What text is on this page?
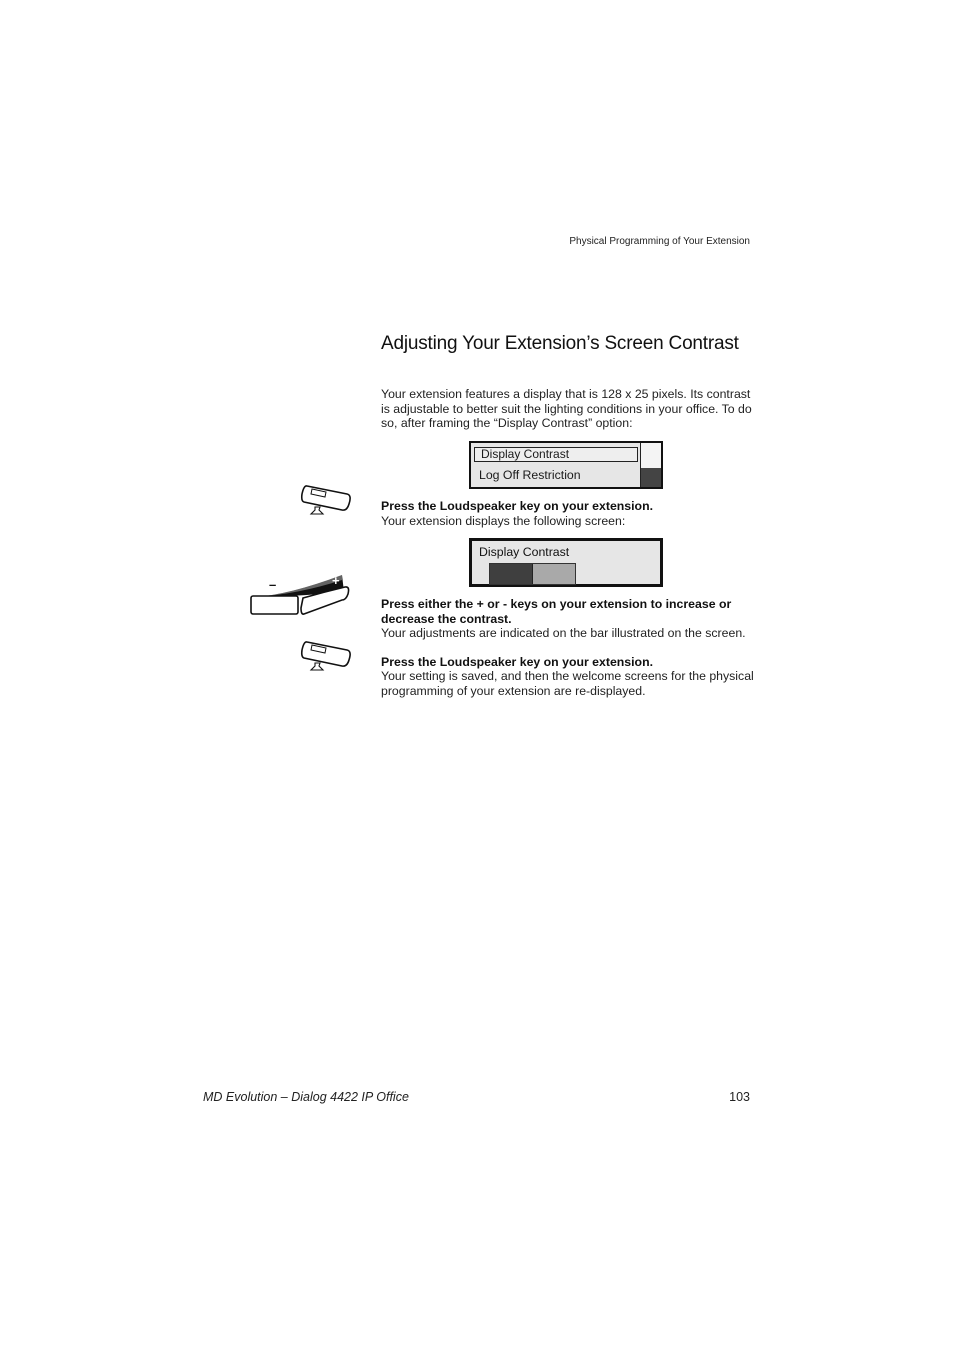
Physical Programming of Your Extension
Adjusting Your Extension’s Screen Contrast

Your extension features a display that is 128 x 25 pixels. Its contrast is adjustable to better suit the lighting conditions in your office. To do so, after framing the “Display Contrast” option:

Display Contrast
Log Off Restriction
Press the Loudspeaker key on your extension.
Your extension displays the following screen:
Display Contrast
–	+
Press either the + or - keys on your extension to increase or decrease the contrast.
Your adjustments are indicated on the bar illustrated on the screen.
Press the Loudspeaker key on your extension.
Your setting is saved, and then the welcome screens for the physical programming of your extension are re-displayed.
MD Evolution – Dialog 4422 IP Office	103
